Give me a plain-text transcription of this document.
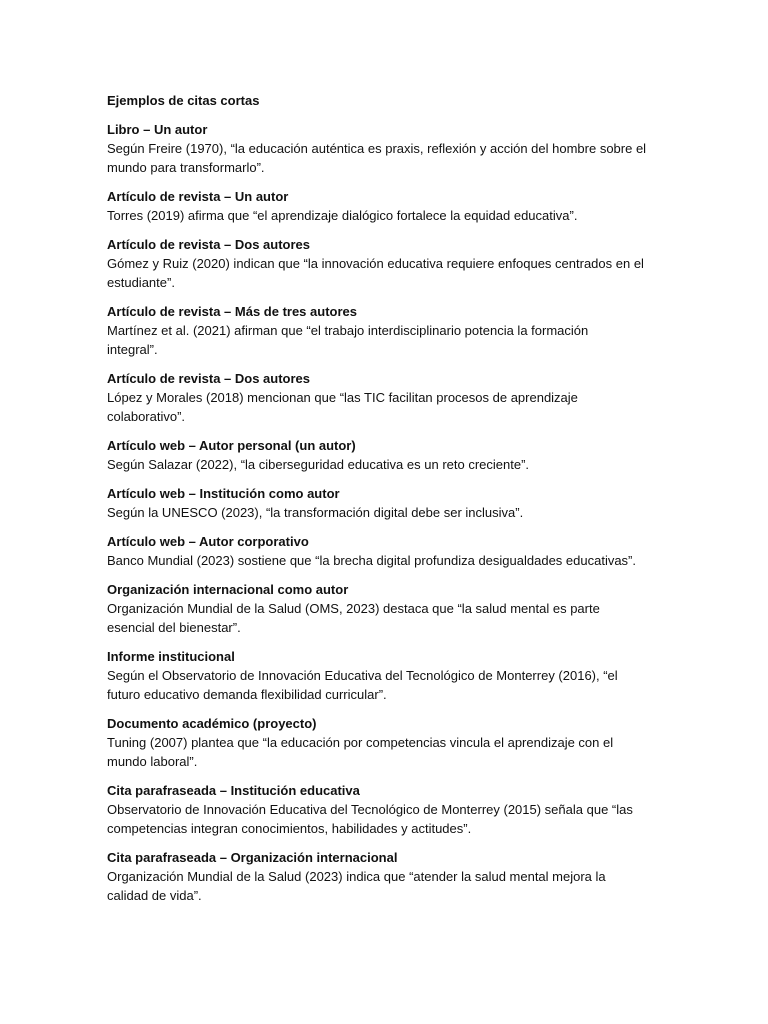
Ejemplos de citas cortas

Libro – Un autor

Según Freire (1970), “la educación auténtica es praxis, reflexión y acción del hombre sobre el

mundo para transformarlo”.

Artículo de revista – Un autor

Torres (2019) afirma que “el aprendizaje dialógico fortalece la equidad educativa”.

Artículo de revista – Dos autores

Gómez y Ruiz (2020) indican que “la innovación educativa requiere enfoques centrados en el

estudiante”.

Artículo de revista – Más de tres autores

Martínez et al. (2021) afirman que “el trabajo interdisciplinario potencia la formación

integral”.

Artículo de revista – Dos autores

López y Morales (2018) mencionan que “las TIC facilitan procesos de aprendizaje

colaborativo”.

Artículo web – Autor personal (un autor)

Según Salazar (2022), “la ciberseguridad educativa es un reto creciente”.

Artículo web – Institución como autor

Según la UNESCO (2023), “la transformación digital debe ser inclusiva”.

Artículo web – Autor corporativo

Banco Mundial (2023) sostiene que “la brecha digital profundiza desigualdades educativas”.

Organización internacional como autor

Organización Mundial de la Salud (OMS, 2023) destaca que “la salud mental es parte

esencial del bienestar”.

Informe institucional

Según el Observatorio de Innovación Educativa del Tecnológico de Monterrey (2016), “el

futuro educativo demanda flexibilidad curricular”.

Documento académico (proyecto)

Tuning (2007) plantea que “la educación por competencias vincula el aprendizaje con el

mundo laboral”.

Cita parafraseada – Institución educativa

Observatorio de Innovación Educativa del Tecnológico de Monterrey (2015) señala que “las

competencias integran conocimientos, habilidades y actitudes”.

Cita parafraseada – Organización internacional

Organización Mundial de la Salud (2023) indica que “atender la salud mental mejora la

calidad de vida”.
